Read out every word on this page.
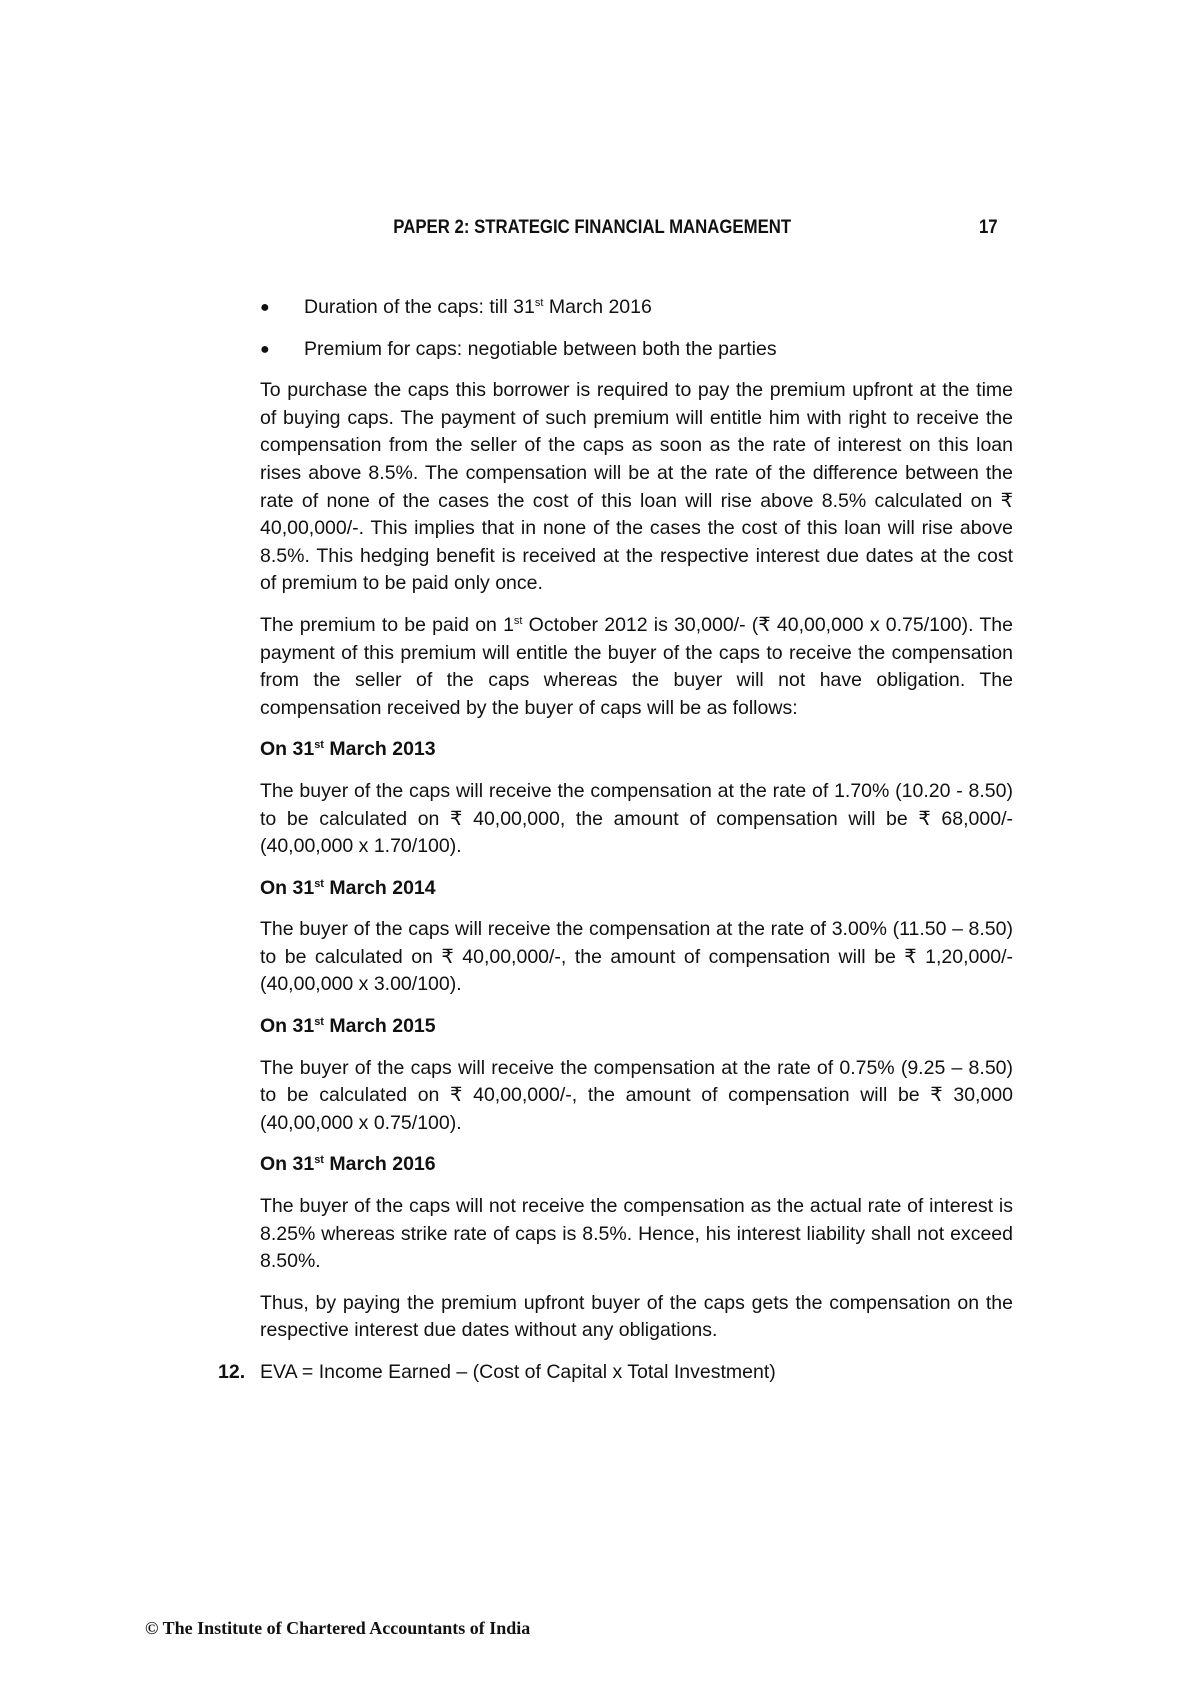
PAPER 2: STRATEGIC FINANCIAL MANAGEMENT	17
● Duration of the caps: till 31st March 2016
● Premium for caps: negotiable between both the parties

To purchase the caps this borrower is required to pay the premium upfront at the time of buying caps. The payment of such premium will entitle him with right to receive the compensation from the seller of the caps as soon as the rate of interest on this loan rises above 8.5%. The compensation will be at the rate of the difference between the rate of none of the cases the cost of this loan will rise above 8.5% calculated on ₹ 40,00,000/-. This implies that in none of the cases the cost of this loan will rise above 8.5%. This hedging benefit is received at the respective interest due dates at the cost of premium to be paid only once.

The premium to be paid on 1st October 2012 is 30,000/- (₹ 40,00,000 x 0.75/100). The payment of this premium will entitle the buyer of the caps to receive the compensation from the seller of the caps whereas the buyer will not have obligation. The compensation received by the buyer of caps will be as follows:

On 31st March 2013

The buyer of the caps will receive the compensation at the rate of 1.70% (10.20 - 8.50) to be calculated on ₹ 40,00,000, the amount of compensation will be ₹ 68,000/- (40,00,000 x 1.70/100).

On 31st March 2014

The buyer of the caps will receive the compensation at the rate of 3.00% (11.50 – 8.50) to be calculated on ₹ 40,00,000/-, the amount of compensation will be ₹ 1,20,000/- (40,00,000 x 3.00/100).

On 31st March 2015

The buyer of the caps will receive the compensation at the rate of 0.75% (9.25 – 8.50) to be calculated on ₹ 40,00,000/-, the amount of compensation will be ₹ 30,000 (40,00,000 x 0.75/100).

On 31st March 2016

The buyer of the caps will not receive the compensation as the actual rate of interest is 8.25% whereas strike rate of caps is 8.5%. Hence, his interest liability shall not exceed 8.50%.

Thus, by paying the premium upfront buyer of the caps gets the compensation on the respective interest due dates without any obligations.

12. EVA = Income Earned – (Cost of Capital x Total Investment)
© The Institute of Chartered Accountants of India
